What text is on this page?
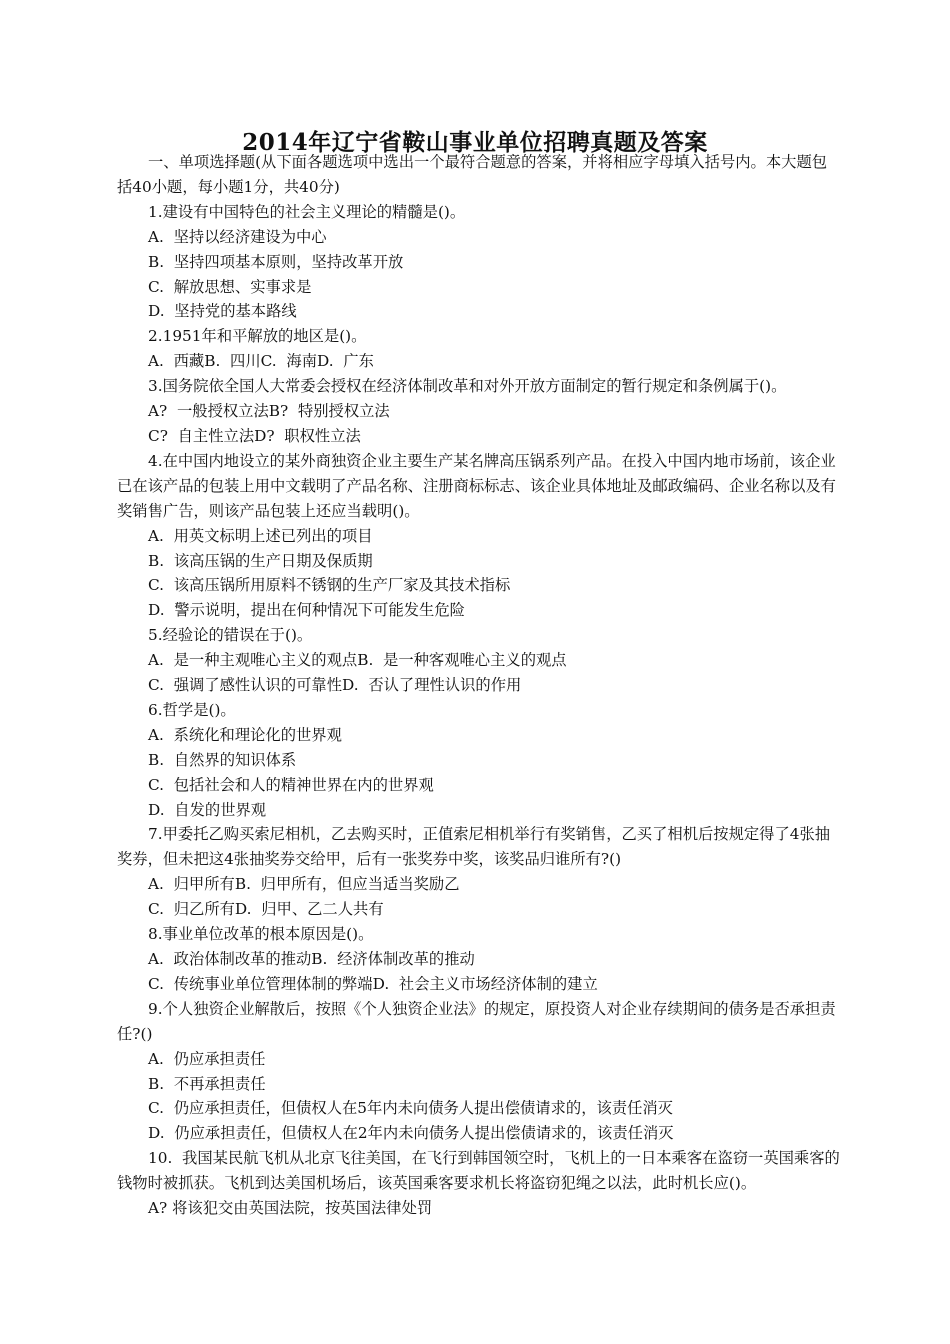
2014年辽宁省鞍山事业单位招聘真题及答案

一、单项选择题(从下面各题选项中选出一个最符合题意的答案，并将相应字母填入括号内。本大题包括40小题，每小题1分，共40分)

1.建设有中国特色的社会主义理论的精髓是()。

A.  坚持以经济建设为中心

B.  坚持四项基本原则，坚持改革开放

C.  解放思想、实事求是

D.  坚持党的基本路线

2.1951年和平解放的地区是()。

A.  西藏B.  四川C.  海南D.  广东

3.国务院依全国人大常委会授权在经济体制改革和对外开放方面制定的暂行规定和条例属于()。

A?  一般授权立法B?  特别授权立法

C?  自主性立法D?  职权性立法

4.在中国内地设立的某外商独资企业主要生产某名牌高压锅系列产品。在投入中国内地市场前，该企业已在该产品的包装上用中文载明了产品名称、注册商标标志、该企业具体地址及邮政编码、企业名称以及有奖销售广告，则该产品包装上还应当载明()。

A.  用英文标明上述已列出的项目

B.  该高压锅的生产日期及保质期

C.  该高压锅所用原料不锈钢的生产厂家及其技术指标

D.  警示说明，提出在何种情况下可能发生危险

5.经验论的错误在于()。

A.  是一种主观唯心主义的观点B.  是一种客观唯心主义的观点

C.  强调了感性认识的可靠性D.  否认了理性认识的作用

6.哲学是()。

A.  系统化和理论化的世界观

B.  自然界的知识体系

C.  包括社会和人的精神世界在内的世界观

D.  自发的世界观

7.甲委托乙购买索尼相机，乙去购买时，正值索尼相机举行有奖销售，乙买了相机后按规定得了4张抽奖券，但未把这4张抽奖券交给甲，后有一张奖券中奖，该奖品归谁所有?()

A.  归甲所有B.  归甲所有，但应当适当奖励乙

C.  归乙所有D.  归甲、乙二人共有

8.事业单位改革的根本原因是()。

A.  政治体制改革的推动B.  经济体制改革的推动

C.  传统事业单位管理体制的弊端D.  社会主义市场经济体制的建立

9.个人独资企业解散后，按照《个人独资企业法》的规定，原投资人对企业存续期间的债务是否承担责任?()

A.  仍应承担责任

B.  不再承担责任

C.  仍应承担责任，但债权人在5年内未向债务人提出偿债请求的，该责任消灭

D.  仍应承担责任，但债权人在2年内未向债务人提出偿债请求的，该责任消灭

10.  我国某民航飞机从北京飞往美国，在飞行到韩国领空时，飞机上的一日本乘客在盗窃一英国乘客的钱物时被抓获。飞机到达美国机场后，该英国乘客要求机长将盗窃犯绳之以法，此时机长应()。

A? 将该犯交由英国法院，按英国法律处罚
